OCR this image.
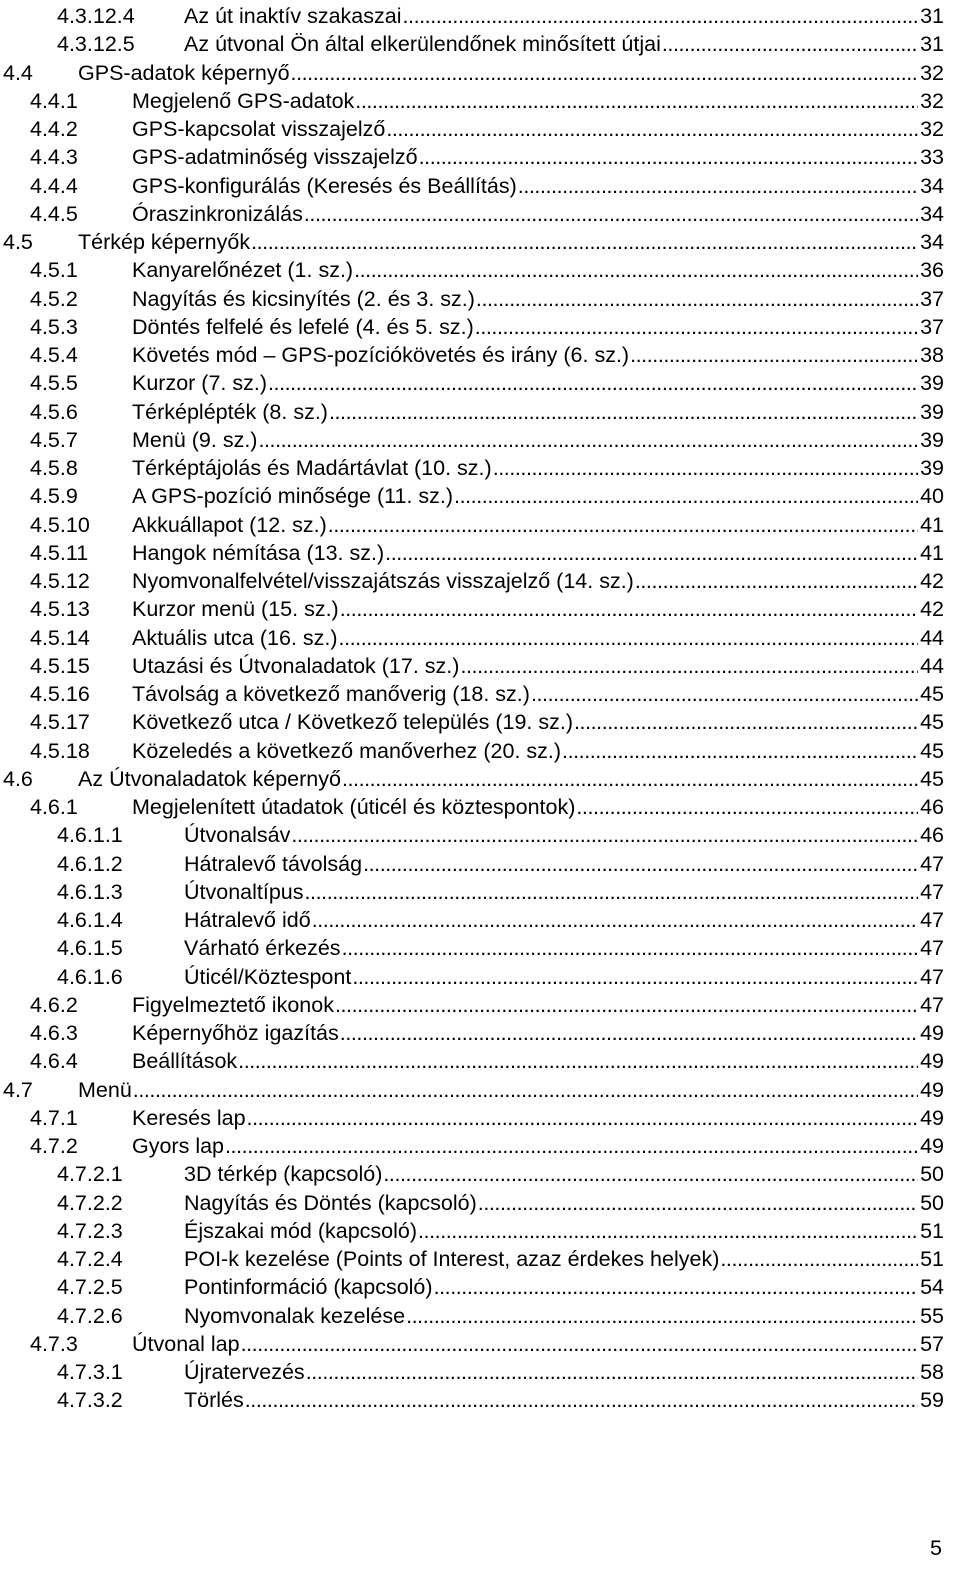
4.3.12.4	Az út inaktív szakaszai . . .	31
4.3.12.5	Az útvonal Ön által elkerülendőnek minősített útjai . . .	31
4.4	GPS-adatok képernyő . . .	32
4.4.1	Megjelenő GPS-adatok . . .	32
4.4.2	GPS-kapcsolat visszajelző . . .	32
4.4.3	GPS-adatminőség visszajelző . . .	33
4.4.4	GPS-konfigurálás (Keresés és Beállítás) . . .	34
4.4.5	Óraszinkronizálás . . .	34
4.5	Térkép képernyők . . .	34
4.5.1	Kanyarelőnézet (1. sz.) . . .	36
4.5.2	Nagyítás és kicsinyítés (2. és 3. sz.) . . .	37
4.5.3	Döntés felfelé és lefelé (4. és 5. sz.) . . .	37
4.5.4	Követés mód – GPS-pozíciókövetés és irány (6. sz.) . . .	38
4.5.5	Kurzor (7. sz.) . . .	39
4.5.6	Térképlépték (8. sz.) . . .	39
4.5.7	Menü (9. sz.) . . .	39
4.5.8	Térképtájolás és Madártávlat (10. sz.) . . .	39
4.5.9	A GPS-pozíció minősége (11. sz.) . . .	40
4.5.10	Akkuállapot (12. sz.) . . .	41
4.5.11	Hangok némítása (13. sz.) . . .	41
4.5.12	Nyomvonalfelvétel/visszajátszás visszajelző (14. sz.) . . .	42
4.5.13	Kurzor menü (15. sz.) . . .	42
4.5.14	Aktuális utca (16. sz.) . . .	44
4.5.15	Utazási és Útvonaladatok (17. sz.) . . .	44
4.5.16	Távolság a következő manőverig (18. sz.) . . .	45
4.5.17	Következő utca / Következő település (19. sz.) . . .	45
4.5.18	Közeledés a következő manőverhez (20. sz.) . . .	45
4.6	Az Útvonaladatok képernyő . . .	45
4.6.1	Megjelenített útadatok (úticél és köztespontok) . . .	46
4.6.1.1	Útvonalsáv . . .	46
4.6.1.2	Hátralevő távolság . . .	47
4.6.1.3	Útvonaltípus . . .	47
4.6.1.4	Hátralevő idő . . .	47
4.6.1.5	Várható érkezés . . .	47
4.6.1.6	Úticél/Köztespont . . .	47
4.6.2	Figyelmeztető ikonok . . .	47
4.6.3	Képernyőhöz igazítás . . .	49
4.6.4	Beállítások . . .	49
4.7	Menü . . .	49
4.7.1	Keresés lap . . .	49
4.7.2	Gyors lap . . .	49
4.7.2.1	3D térkép (kapcsoló) . . .	50
4.7.2.2	Nagyítás és Döntés (kapcsoló) . . .	50
4.7.2.3	Éjszakai mód (kapcsoló) . . .	51
4.7.2.4	POI-k kezelése (Points of Interest, azaz érdekes helyek) . . .	51
4.7.2.5	Pontinformáció (kapcsoló) . . .	54
4.7.2.6	Nyomvonalak kezelése . . .	55
4.7.3	Útvonal lap . . .	57
4.7.3.1	Újratervezés . . .	58
4.7.3.2	Törlés . . .	59
5
